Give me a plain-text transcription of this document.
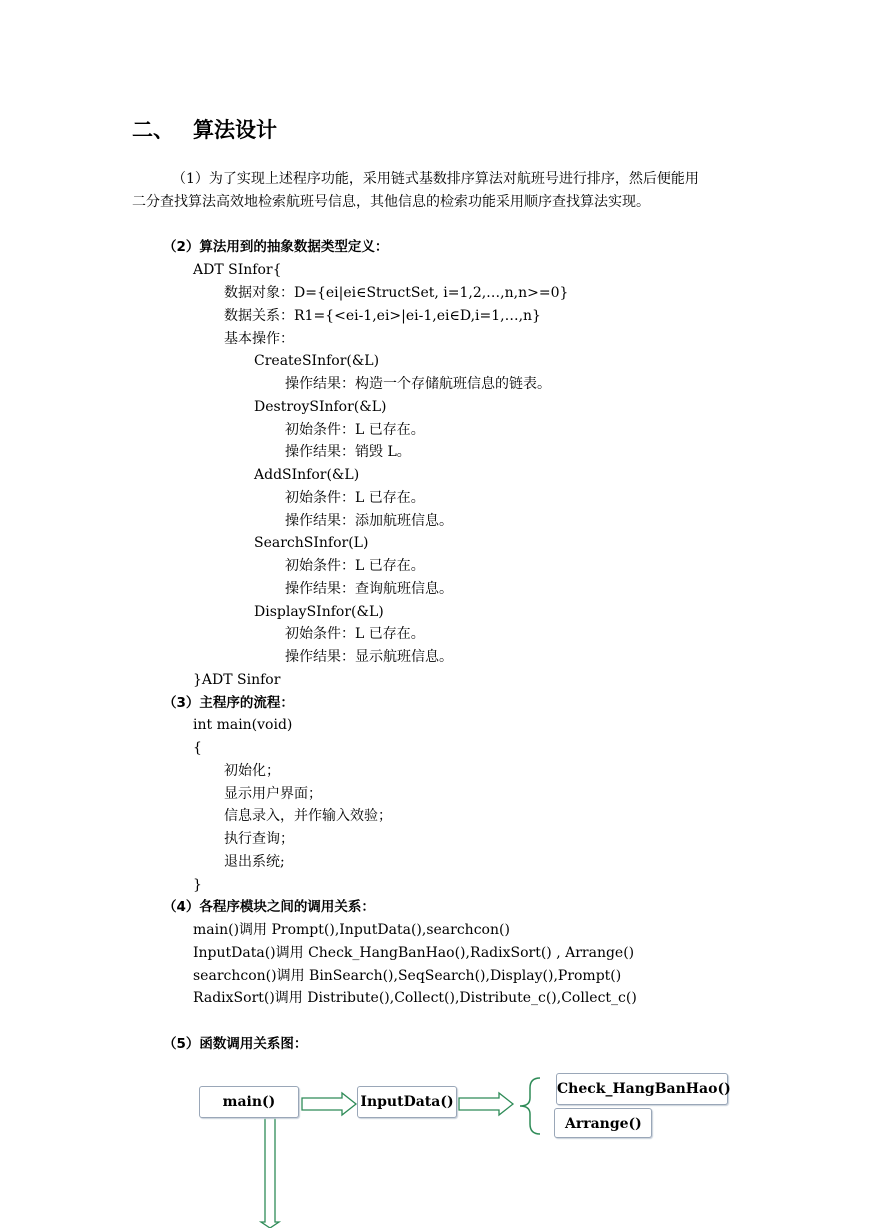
二、 算法设计
（1）为了实现上述程序功能，采用链式基数排序算法对航班号进行排序，然后便能用
二分查找算法高效地检索航班号信息，其他信息的检索功能采用顺序查找算法实现。
（2）算法用到的抽象数据类型定义：
ADT SInfor{
数据对象：D={ei|ei∈StructSet, i=1,2,…,n,n>=0}
数据关系：R1={<ei-1,ei>|ei-1,ei∈D,i=1,…,n}
基本操作：
CreateSInfor(&L)
操作结果：构造一个存储航班信息的链表。
DestroySInfor(&L)
初始条件：L 已存在。
操作结果：销毁 L。
AddSInfor(&L)
初始条件：L 已存在。
操作结果：添加航班信息。
SearchSInfor(L)
初始条件：L 已存在。
操作结果：查询航班信息。
DisplaySInfor(&L)
初始条件：L 已存在。
操作结果：显示航班信息。
}ADT Sinfor
（3）主程序的流程：
int main(void)
{
初始化；
显示用户界面；
信息录入，并作输入效验；
执行查询；
退出系统;
}
（4）各程序模块之间的调用关系：
main()调用 Prompt(),InputData(),searchcon()
InputData()调用 Check_HangBanHao(),RadixSort() , Arrange()
searchcon()调用 BinSearch(),SeqSearch(),Display(),Prompt()
RadixSort()调用 Distribute(),Collect(),Distribute_c(),Collect_c()
（5）函数调用关系图：
main()	InputData()
Check_HangBanHao()
Arrange()
